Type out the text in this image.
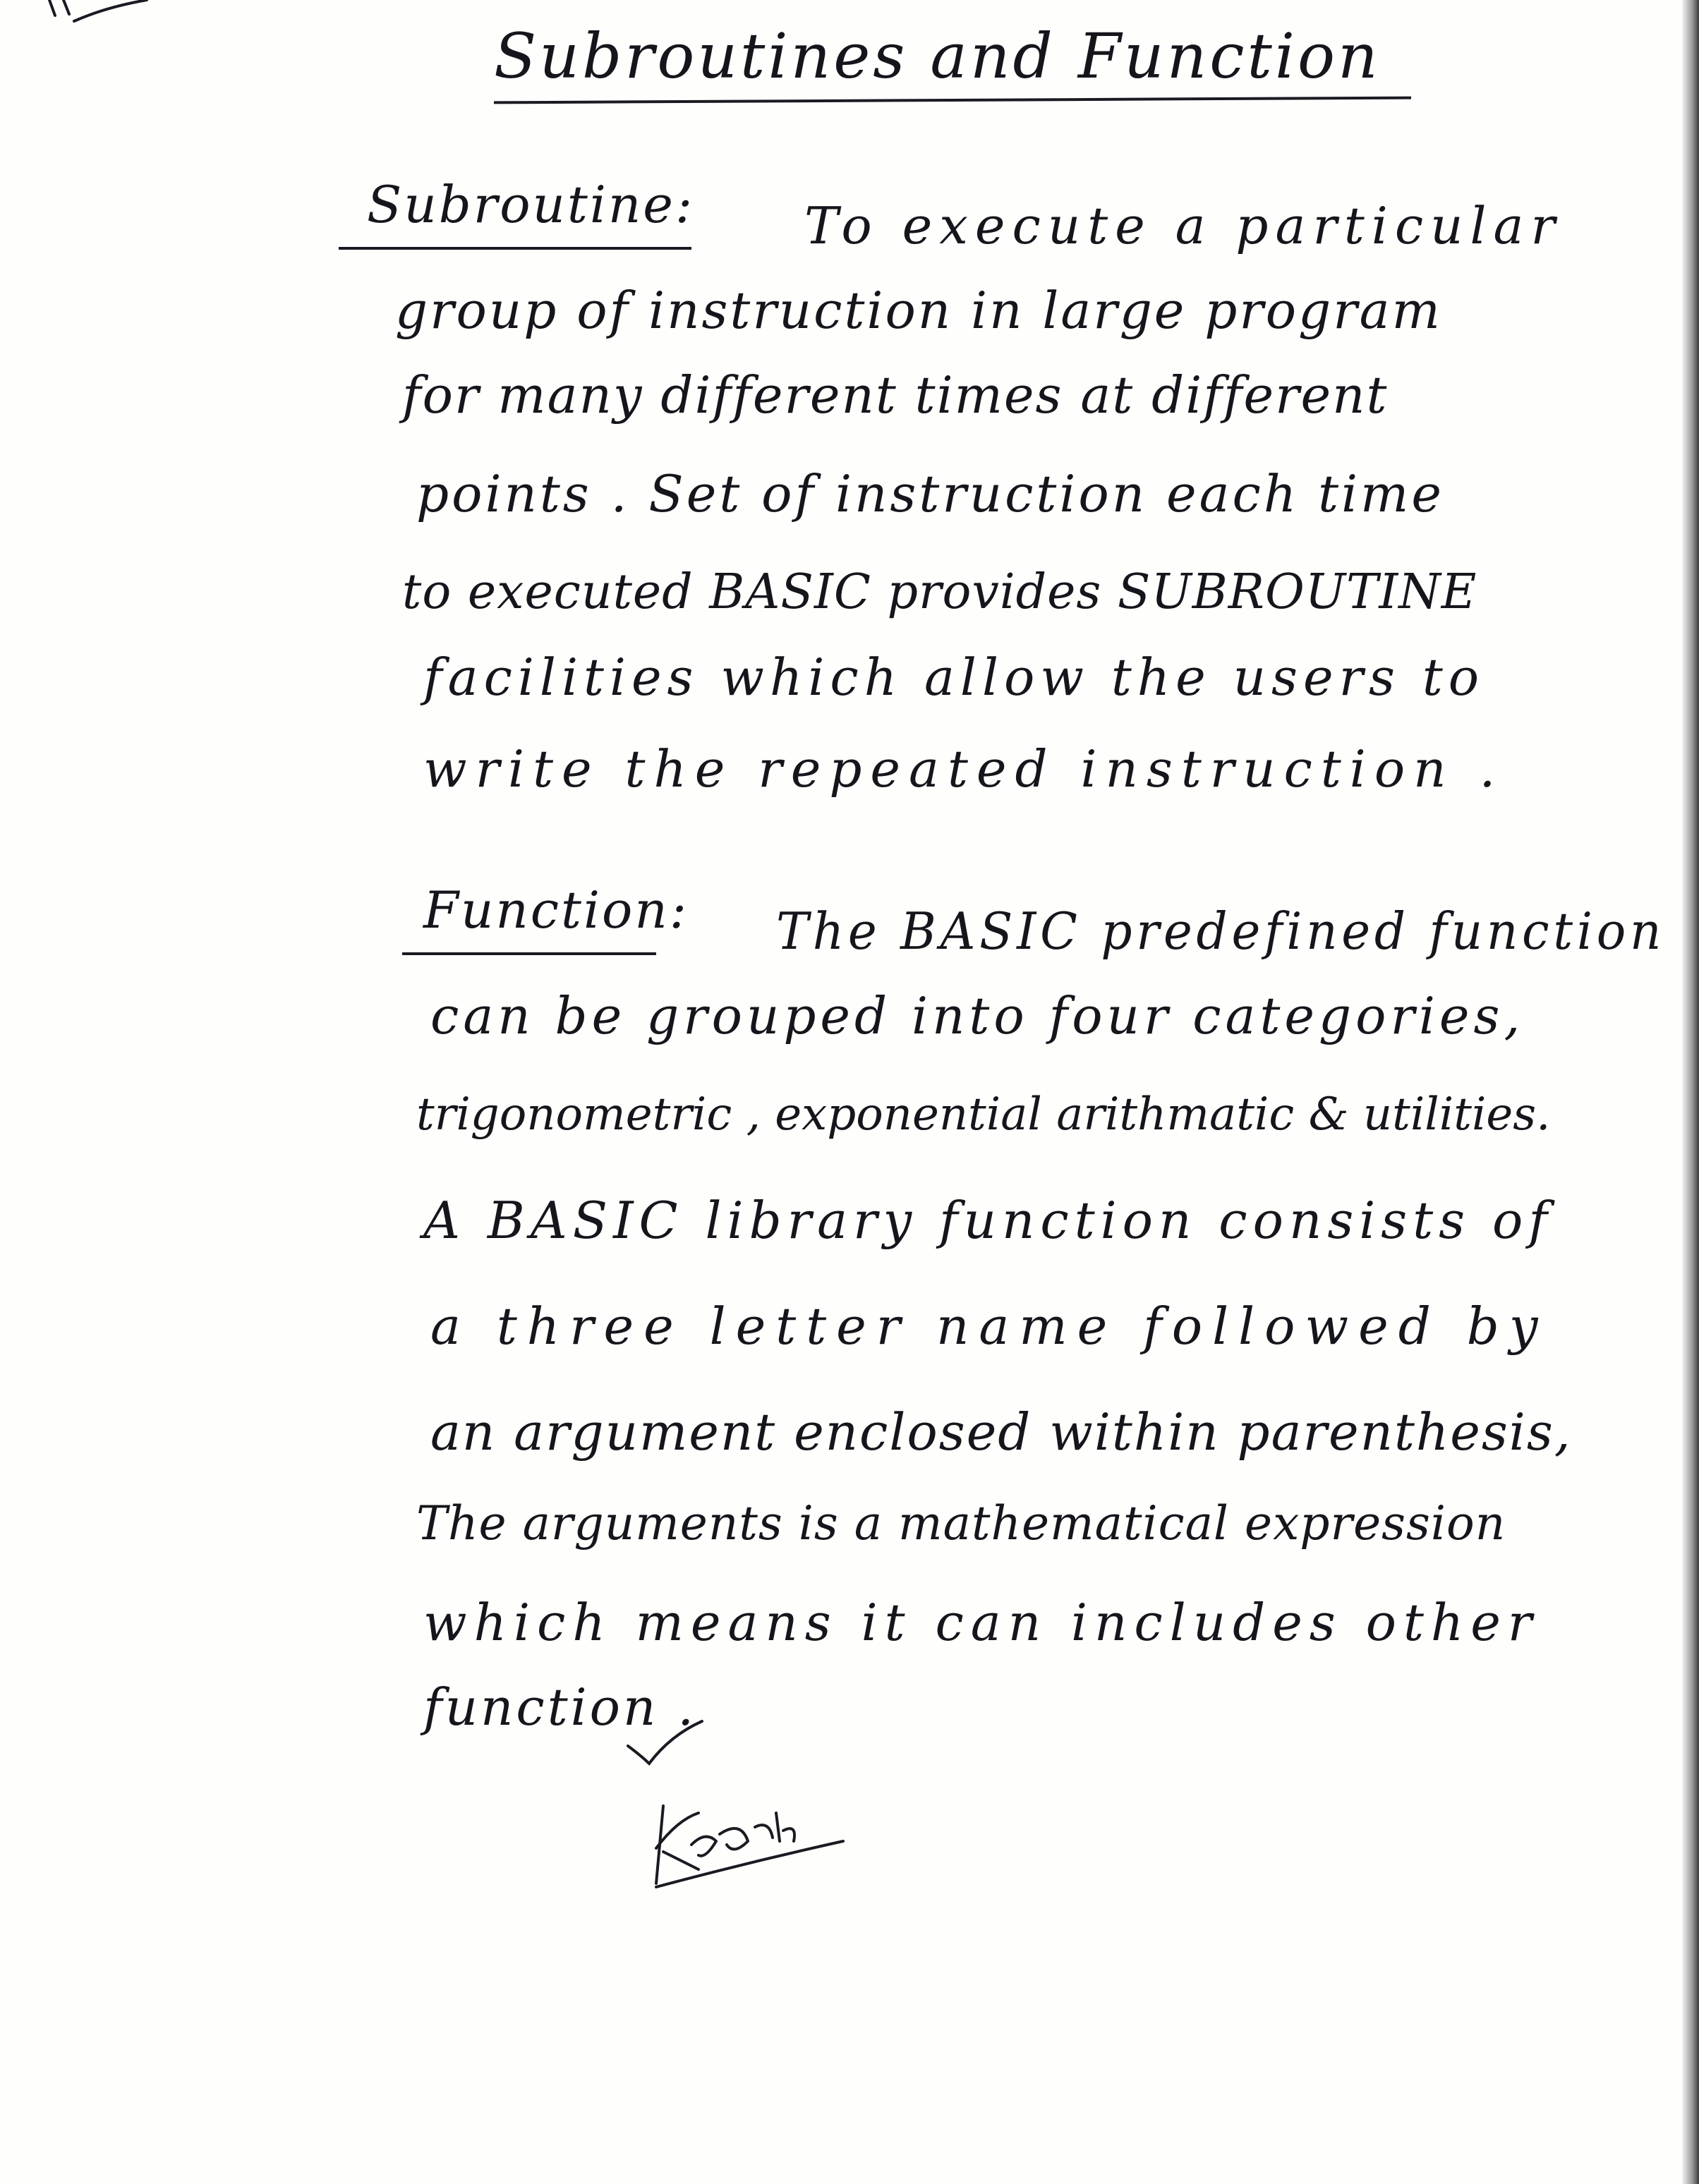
Subroutines and Function
Subroutine: To execute a particular
group of instruction in large program
for many different times at different
points . Set of instruction each time
to executed BASIC provides SUBROUTINE
facilities which allow the users to
write the repeated instruction .
Function: The BASIC predefined function
can be grouped into four categories,
trigonometric , exponential arithmatic & utilities.
A BASIC library function consists of
a three letter name followed by
an argument enclosed within parenthesis,
The arguments is a mathematical expression
which means it can includes other
function .
